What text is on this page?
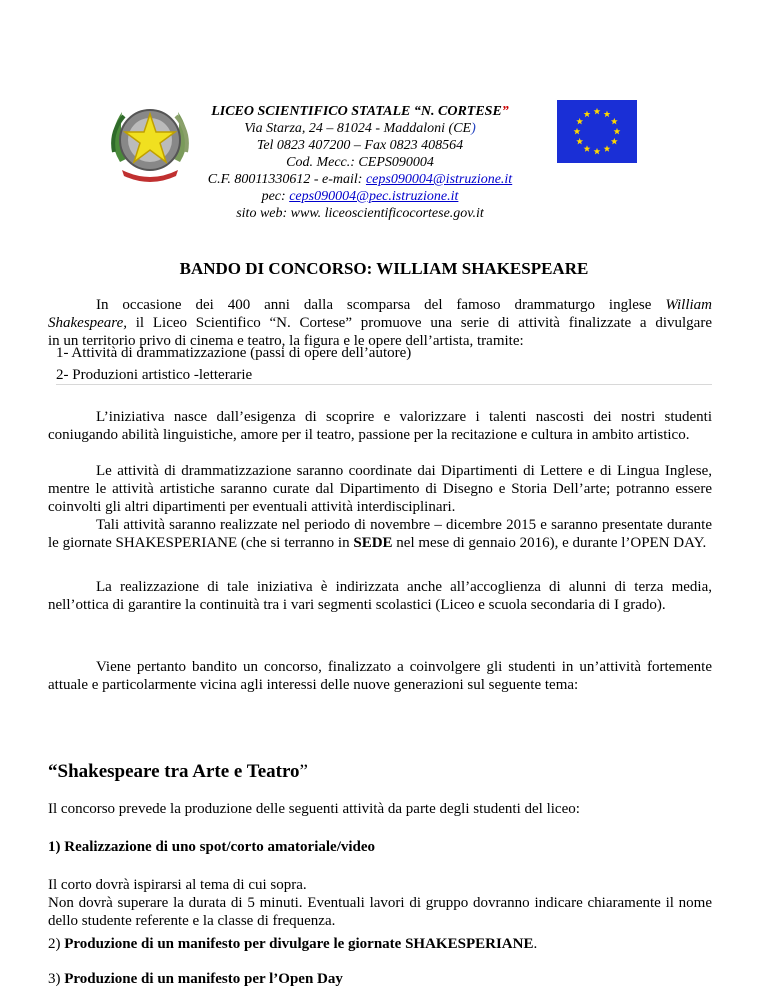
LICEO SCIENTIFICO STATALE “N. CORTESE”
Via Starza, 24 – 81024 - Maddaloni (CE)
Tel 0823 407200 – Fax 0823 408564
Cod. Mecc.: CEPS090004
C.F. 80011330612 - e-mail: ceps090004@istruzione.it
pec: ceps090004@pec.istruzione.it
sito web: www. liceoscientificocortese.gov.it
BANDO DI CONCORSO: WILLIAM SHAKESPEARE
In occasione dei 400 anni dalla scomparsa del famoso drammaturgo inglese William
Shakespeare, il Liceo Scientifico “N. Cortese” promuove una serie di attività finalizzate a divulgare
in un territorio privo di cinema e teatro, la figura e le opere dell’artista, tramite:
1- Attività di drammatizzazione (passi di opere dell’autore)
2- Produzioni artistico -letterarie
L’iniziativa nasce dall’esigenza di scoprire e valorizzare i talenti nascosti dei nostri studenti coniugando abilità linguistiche, amore per il teatro, passione per la recitazione e cultura in ambito artistico.
Le attività di drammatizzazione saranno coordinate dai Dipartimenti di Lettere e di Lingua Inglese, mentre le attività artistiche saranno curate dal Dipartimento di Disegno e Storia Dell’arte; potranno essere coinvolti gli altri dipartimenti per eventuali attività interdisciplinari.
Tali attività saranno realizzate nel periodo di novembre – dicembre 2015 e saranno presentate durante le giornate SHAKESPERIANE (che si terranno in SEDE nel mese di gennaio 2016), e durante l’OPEN DAY.
La realizzazione di tale iniziativa è indirizzata anche all’accoglienza di alunni di terza media, nell’ottica di garantire la continuità tra i vari segmenti scolastici (Liceo e scuola secondaria di I grado).
Viene pertanto bandito un concorso, finalizzato a coinvolgere gli studenti in un’attività fortemente attuale e particolarmente vicina agli interessi delle nuove generazioni sul seguente tema:
“Shakespeare tra Arte e Teatro”
Il concorso prevede la produzione delle seguenti attività da parte degli studenti del liceo:
1) Realizzazione di uno spot/corto amatoriale/video
Il corto dovrà ispirarsi al tema di cui sopra.
Non dovrà superare la durata di 5 minuti. Eventuali lavori di gruppo dovranno indicare chiaramente il nome dello studente referente e la classe di frequenza.
2) Produzione di un manifesto per divulgare le giornate SHAKESPERIANE.
3) Produzione di un manifesto per l’Open Day
